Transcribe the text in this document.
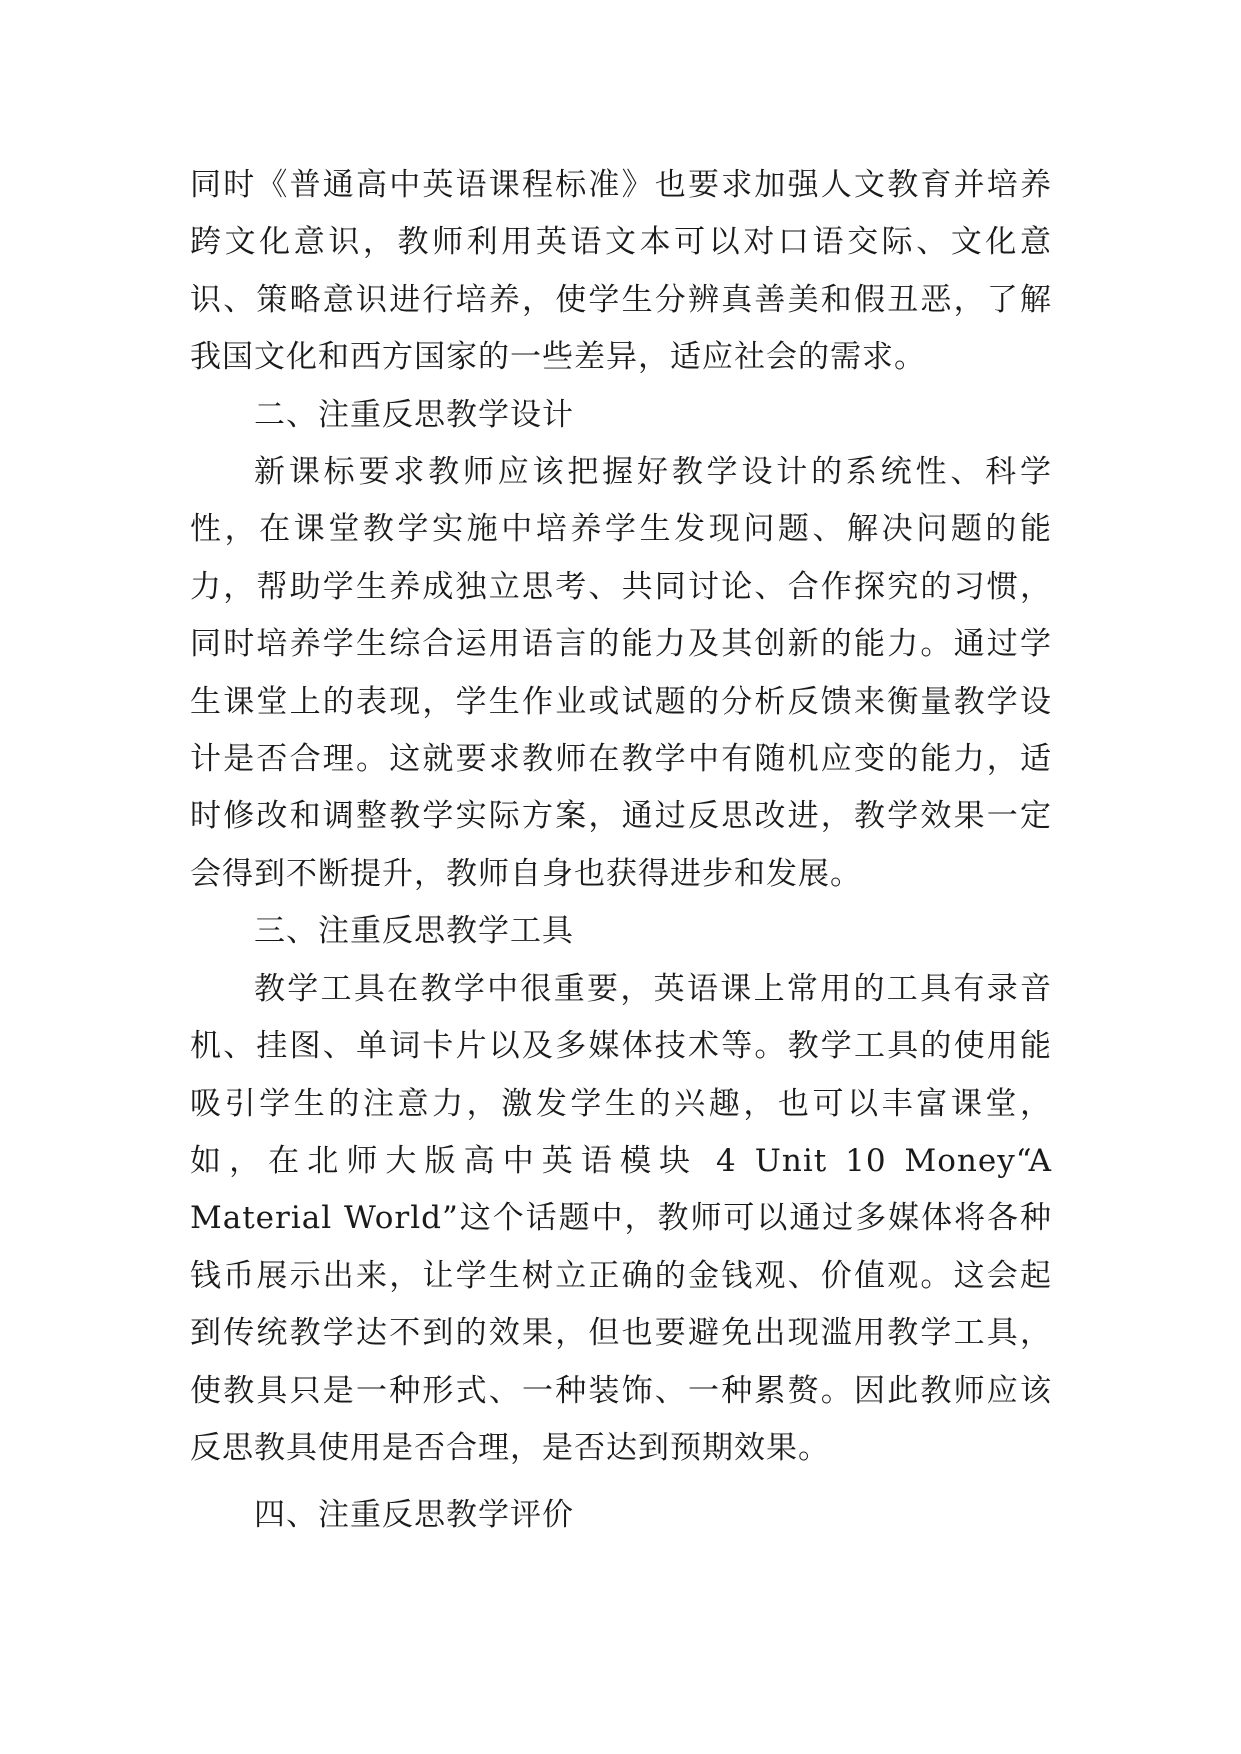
同时《普通高中英语课程标准》也要求加强人文教育并培养跨文化意识，教师利用英语文本可以对口语交际、文化意识、策略意识进行培养，使学生分辨真善美和假丑恶，了解我国文化和西方国家的一些差异，适应社会的需求。

二、注重反思教学设计

新课标要求教师应该把握好教学设计的系统性、科学性，在课堂教学实施中培养学生发现问题、解决问题的能力，帮助学生养成独立思考、共同讨论、合作探究的习惯，同时培养学生综合运用语言的能力及其创新的能力。通过学生课堂上的表现，学生作业或试题的分析反馈来衡量教学设计是否合理。这就要求教师在教学中有随机应变的能力，适时修改和调整教学实际方案，通过反思改进，教学效果一定会得到不断提升，教师自身也获得进步和发展。

三、注重反思教学工具

教学工具在教学中很重要，英语课上常用的工具有录音机、挂图、单词卡片以及多媒体技术等。教学工具的使用能吸引学生的注意力，激发学生的兴趣，也可以丰富课堂，如，在北师大版高中英语模块 4 Unit 10 Money“A Material World”这个话题中，教师可以通过多媒体将各种钱币展示出来，让学生树立正确的金钱观、价值观。这会起到传统教学达不到的效果，但也要避免出现滥用教学工具，使教具只是一种形式、一种装饰、一种累赘。因此教师应该反思教具使用是否合理，是否达到预期效果。

四、注重反思教学评价
